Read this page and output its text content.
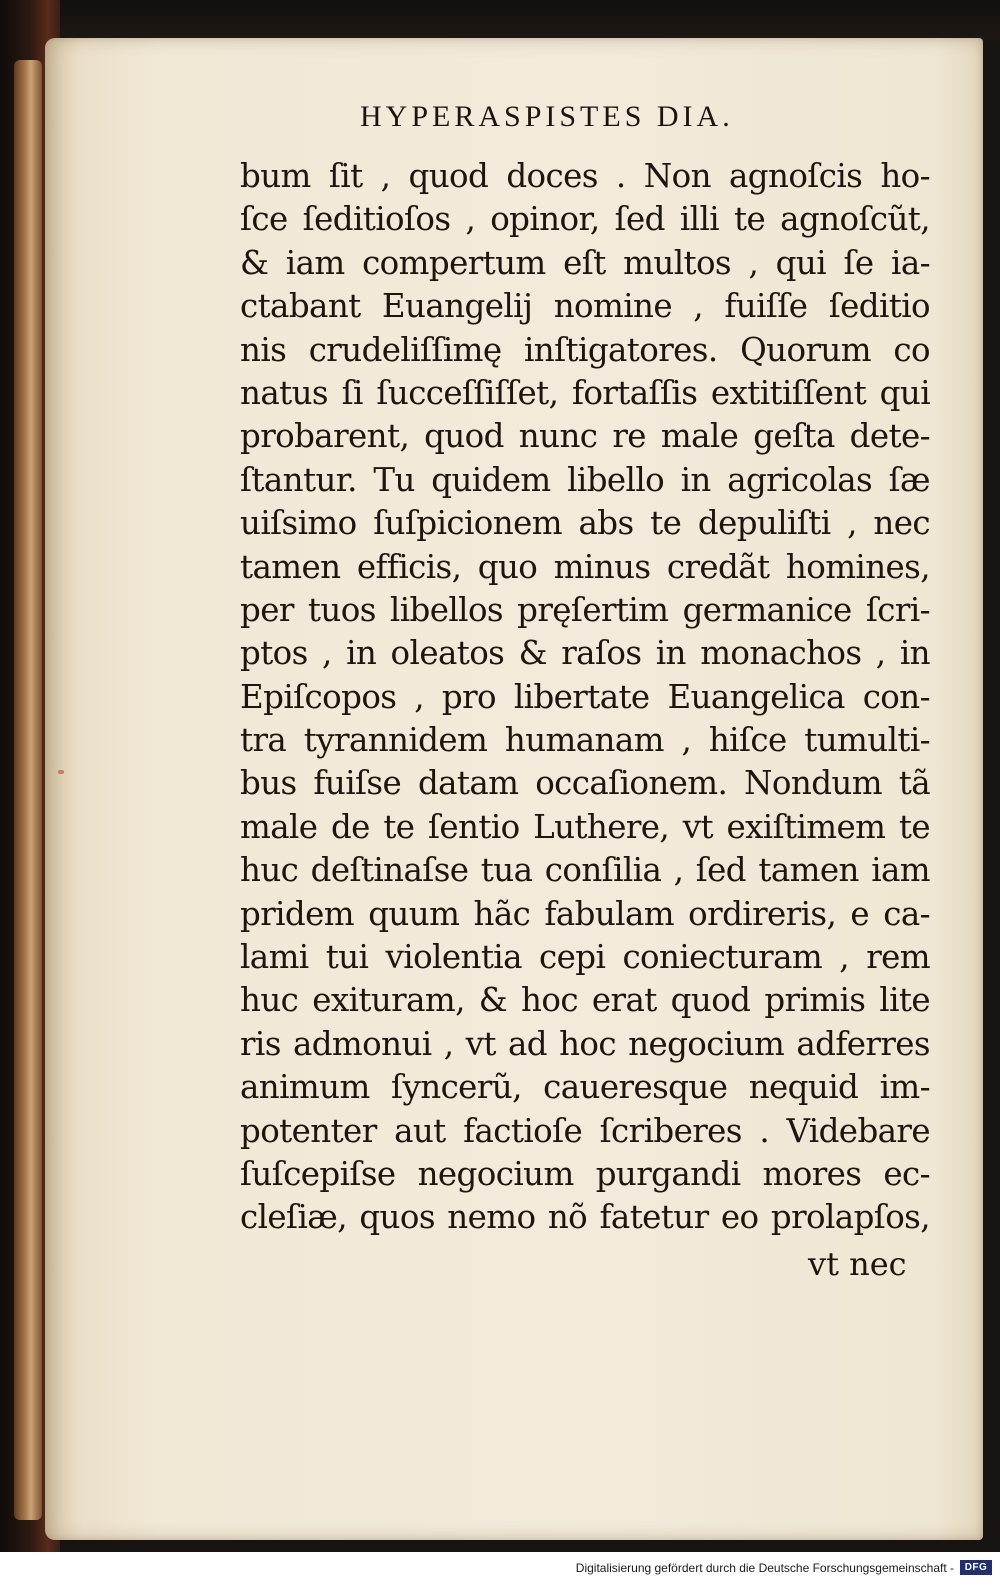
HYPERASPISTES DIA.
bum ſit , quod doces . Non agnoſcis ho-
ſce ſeditioſos , opinor, ſed illi te agnoſcũt,
& iam compertum eſt multos , qui ſe ia-
ctabant Euangelij nomine , fuiſſe ſeditio
nis crudeliſſimę inſtigatores. Quorum co
natus ſi ſucceſſiſſet, fortaſſis extitiſſent qui
probarent, quod nunc re male geſta dete-
ſtantur. Tu quidem libello in agricolas ſæ
uiſsimo ſuſpicionem abs te depuliſti , nec
tamen efficis, quo minus credãt homines,
per tuos libellos pręſertim germanice ſcri-
ptos , in oleatos & raſos in monachos , in
Epiſcopos , pro libertate Euangelica con-
tra tyrannidem humanam , hiſce tumulti-
bus fuiſse datam occaſionem. Nondum tã
male de te ſentio Luthere, vt exiſtimem te
huc deſtinaſse tua conſilia , ſed tamen iam
pridem quum hãc fabulam ordireris, e ca-
lami tui violentia cepi coniecturam , rem
huc exituram, & hoc erat quod primis lite
ris admonui , vt ad hoc negocium adferres
animum ſyncerũ, caueresque nequid im-
potenter aut factioſe ſcriberes . Videbare
ſuſcepiſse negocium purgandi mores ec-
cleſiæ, quos nemo nõ fatetur eo prolapſos,
vt nec
Digitalisierung gefördert durch die Deutsche Forschungsgemeinschaft -	DFG
